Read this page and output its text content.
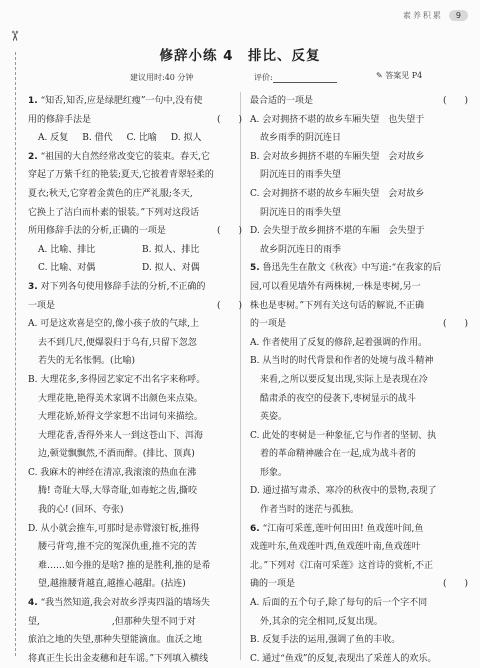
素养积累	9
✂
修辞小练 4　排比、反复
建议用时:40 分钟	评价:	✎ 答案见 P4
1. “知否,知否,应是绿肥红瘦”一句中,没有使
用的修辞手法是	(　　)
A. 反复 B. 借代 C. 比喻 D. 拟人
2. “祖国的大自然经常改变它的装束。春天,它
穿起了万紫千红的艳装;夏天,它披着青翠轻柔的
夏衣;秋天,它穿着金黄色的庄严礼服;冬天,
它换上了洁白而朴素的银装。”下列对这段话
所用修辞手法的分析,正确的一项是	(　　)
A. 比喻、排比	B. 拟人、排比
C. 比喻、对偶	D. 拟人、对偶
3. 对下列各句使用修辞手法的分析,不正确的
一项是	(　　)
A. 可是这欢喜是空的,像小孩子放的气球,上
去不到几尺,便爆裂归于乌有,只留下忽忽
若失的无名怅惘。(比喻)
B. 大理花多,多得园艺家定不出名字来称呼。
大理花艳,艳得美术家调不出颜色来点染。
大理花娇,娇得文学家想不出词句来描绘。
大理花香,香得外来人一到这苍山下、洱海
边,顿觉飘飘然,不酒而醉。(排比、顶真)
C. 我麻木的神经在清凉,我滚滚的热血在沸
腾! 奇耻大辱,大辱奇耻,如毒蛇之齿,撕咬
我的心! (回环、夸张)
D. 从小就会推车,可那时是赤臂滚钉板,推得
腰弓背弯,推不完的冤深仇重,推不完的苦
难……如今推的是啥? 推的是胜利,推的是希
望,越推腰背越直,越推心越甜。(拈连)
4. “我当然知道,我会对故乡浮夷四溢的墙场失
望,　　　　　　　　,但那种失望不同于对
旅泊之地的失望,那种失望能滴血。血沃之地
将真正生长出金麦穗和赶车谣。”下列填入横线
最合适的一项是	(　　)
A. 会对拥挤不堪的故乡车厢失望　也失望于
故乡雨季的阴沉连日
B. 会对故乡拥挤不堪的车厢失望　会对故乡
阴沉连日的雨季失望
C. 会对拥挤不堪的故乡车厢失望　会对故乡
阴沉连日的雨季失望
D. 会失望于故乡拥挤不堪的车厢　会失望于
故乡阴沉连日的雨季
5. 鲁迅先生在散文《秋夜》中写道:“在我家的后
园,可以看见墙外有两株树,一株是枣树,另一
株也是枣树。”下列有关这句话的解说,不正确
的一项是	(　　)
A. 作者使用了反复的修辞,起着强调的作用。
B. 从当时的时代背景和作者的处境与战斗精神
来看,之所以要反复出现,实际上是表现在冷
酷肃杀的夜空的侵袭下,枣树显示的战斗
英姿。
C. 此处的枣树是一种象征,它与作者的坚韧、执
着的革命精神融合在一起,成为战斗者的
形象。
D. 通过描写肃杀、寒冷的秋夜中的景物,表现了
作者当时的迷茫与孤独。
6. “江南可采莲,莲叶何田田! 鱼戏莲叶间,鱼
戏莲叶东,鱼戏莲叶西,鱼戏莲叶南,鱼戏莲叶
北。”下列对《江南可采莲》这首诗的赏析,不正
确的一项是	(　　)
A. 后面的五个句子,除了每句的后一个字不同
外,其余的完全相同,反复出现。
B. 反复手法的运用,强调了鱼的丰收。
C. 通过“鱼戏”的反复,表现出了采莲人的欢乐。
